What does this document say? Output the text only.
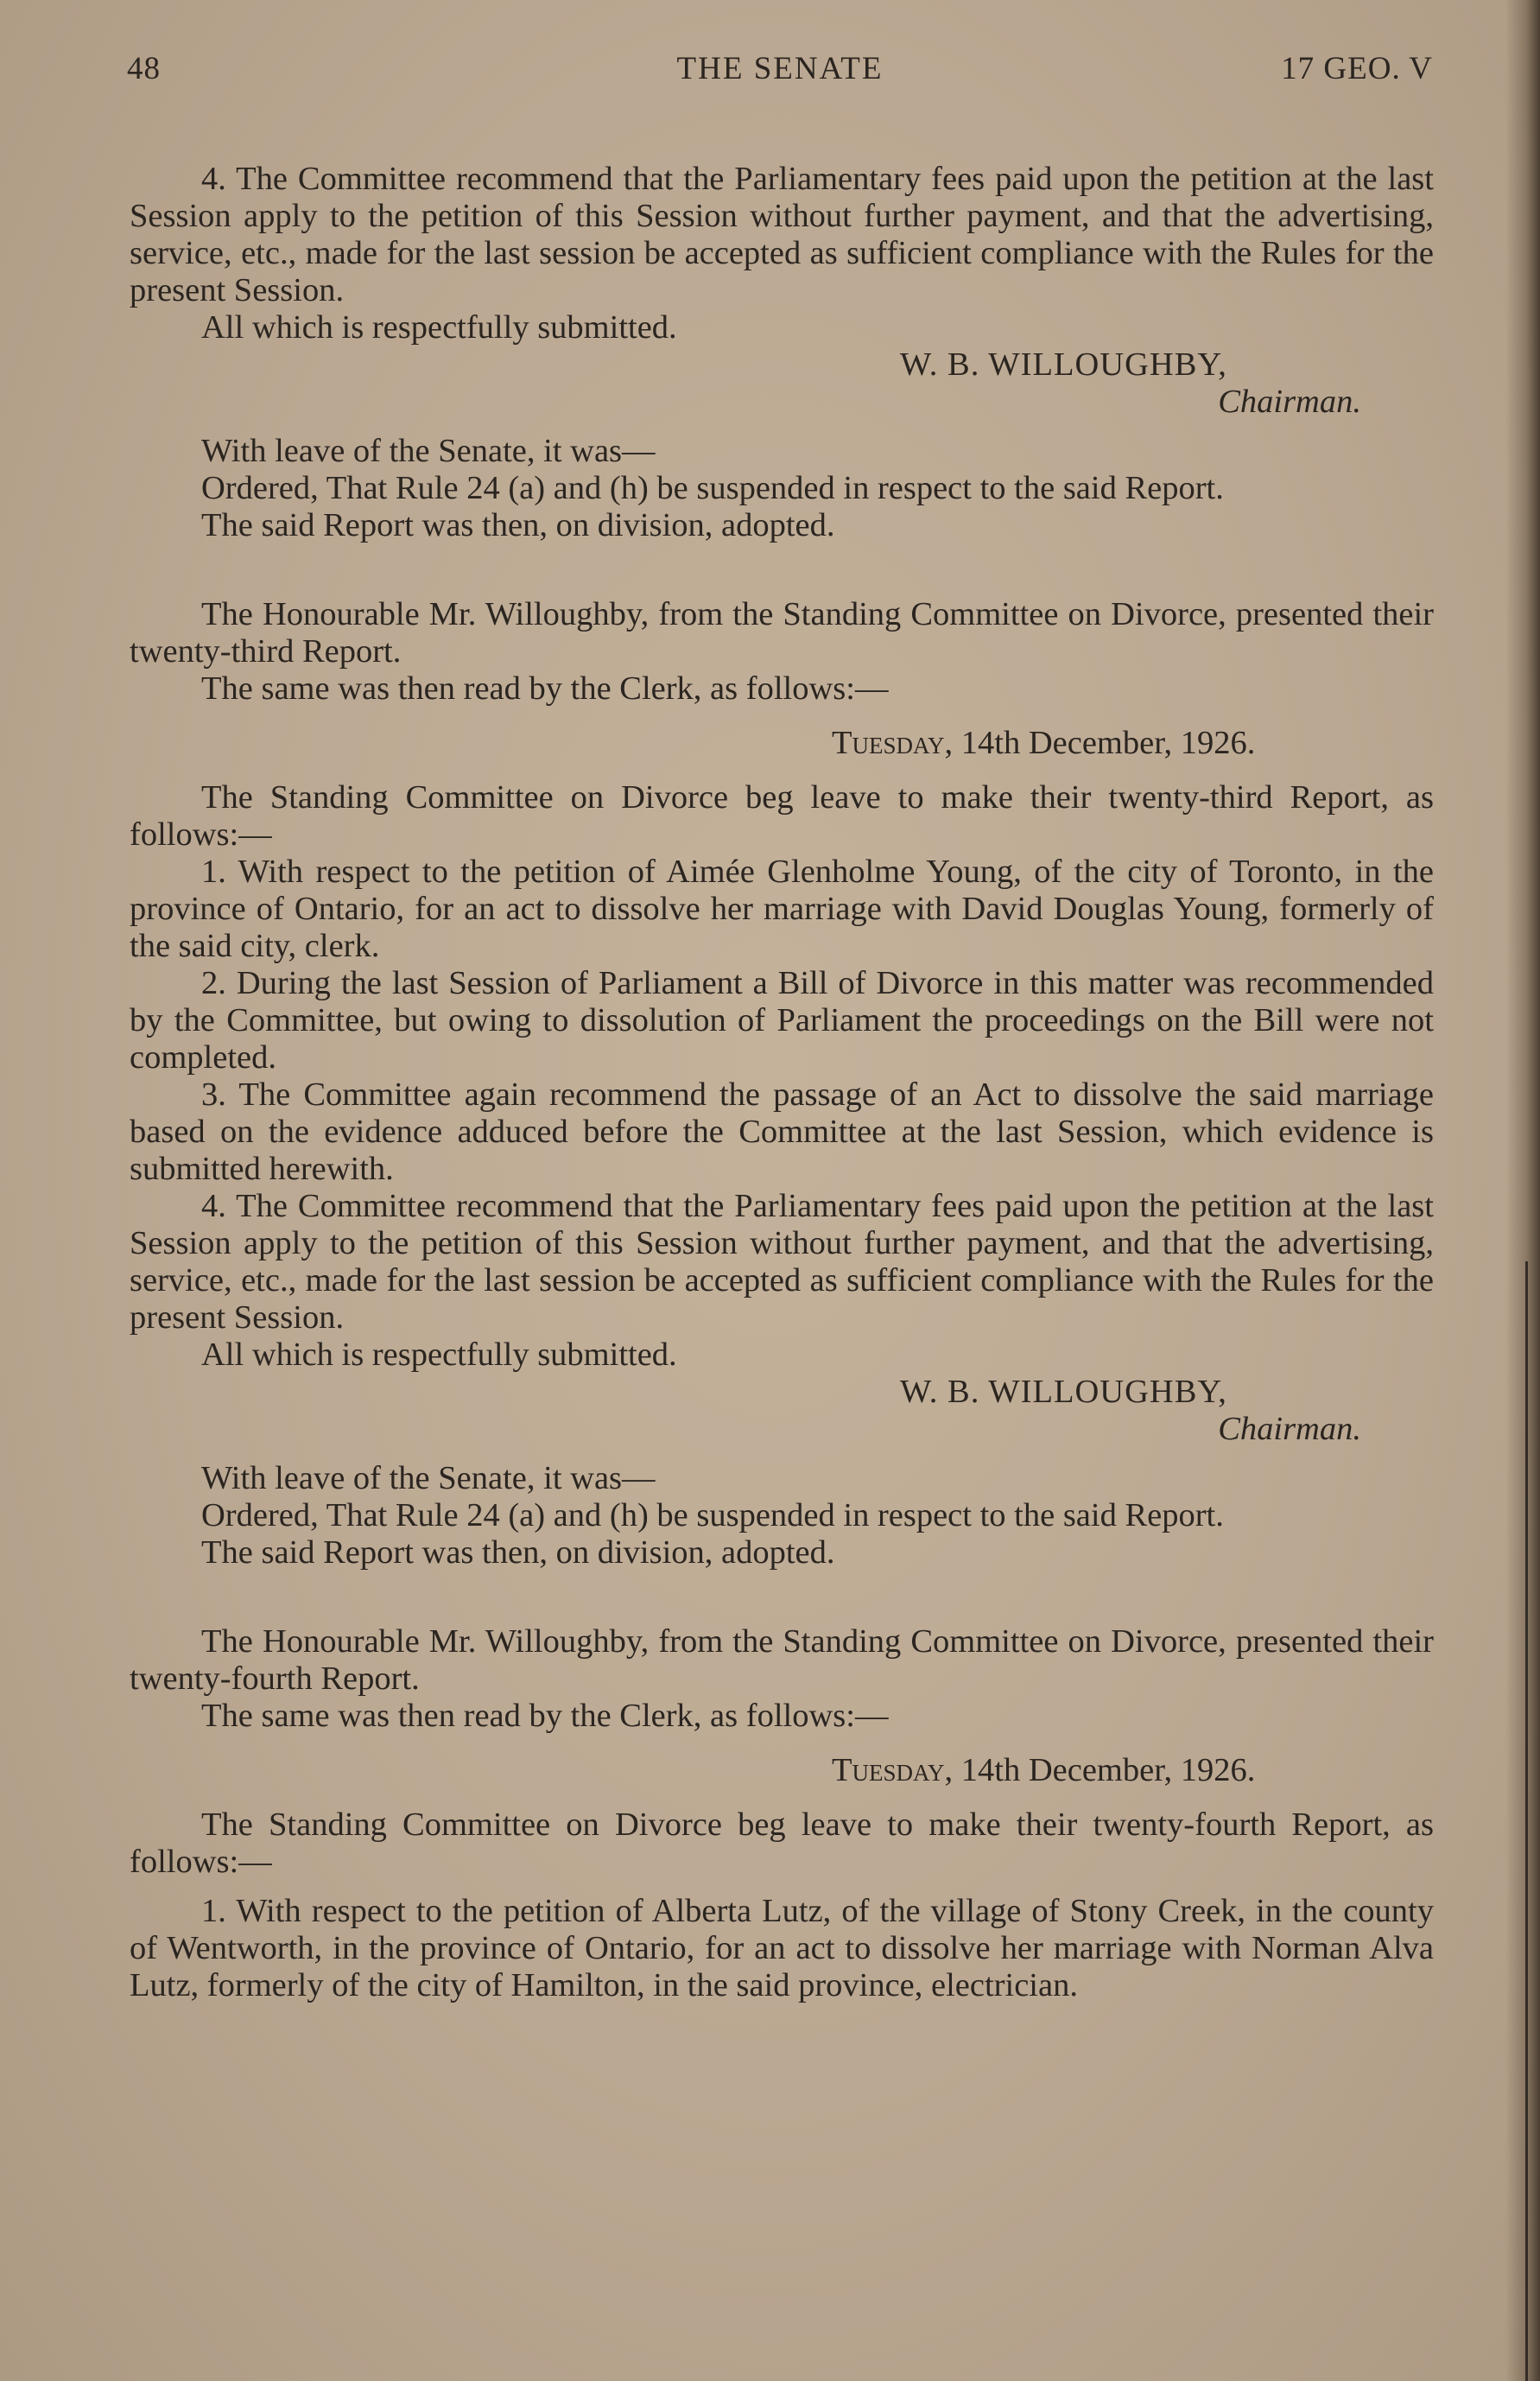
48	THE SENATE	17 GEO. V

4. The Committee recommend that the Parliamentary fees paid upon the petition at the last Session apply to the petition of this Session without further payment, and that the advertising, service, etc., made for the last session be accepted as sufficient compliance with the Rules for the present Session.

All which is respectfully submitted.

W. B. WILLOUGHBY,

Chairman.

With leave of the Senate, it was—

Ordered, That Rule 24 (a) and (h) be suspended in respect to the said Report.

The said Report was then, on division, adopted.

The Honourable Mr. Willoughby, from the Standing Committee on Divorce, presented their twenty-third Report.

The same was then read by the Clerk, as follows:—

Tuesday, 14th December, 1926.

The Standing Committee on Divorce beg leave to make their twenty-third Report, as follows:—

1. With respect to the petition of Aimée Glenholme Young, of the city of Toronto, in the province of Ontario, for an act to dissolve her marriage with David Douglas Young, formerly of the said city, clerk.

2. During the last Session of Parliament a Bill of Divorce in this matter was recommended by the Committee, but owing to dissolution of Parliament the proceedings on the Bill were not completed.

3. The Committee again recommend the passage of an Act to dissolve the said marriage based on the evidence adduced before the Committee at the last Session, which evidence is submitted herewith.

4. The Committee recommend that the Parliamentary fees paid upon the petition at the last Session apply to the petition of this Session without further payment, and that the advertising, service, etc., made for the last session be accepted as sufficient compliance with the Rules for the present Session.

All which is respectfully submitted.

W. B. WILLOUGHBY,

Chairman.

With leave of the Senate, it was—

Ordered, That Rule 24 (a) and (h) be suspended in respect to the said Report.

The said Report was then, on division, adopted.

The Honourable Mr. Willoughby, from the Standing Committee on Divorce, presented their twenty-fourth Report.

The same was then read by the Clerk, as follows:—

Tuesday, 14th December, 1926.

The Standing Committee on Divorce beg leave to make their twenty-fourth Report, as follows:—

1. With respect to the petition of Alberta Lutz, of the village of Stony Creek, in the county of Wentworth, in the province of Ontario, for an act to dissolve her marriage with Norman Alva Lutz, formerly of the city of Hamilton, in the said province, electrician.
